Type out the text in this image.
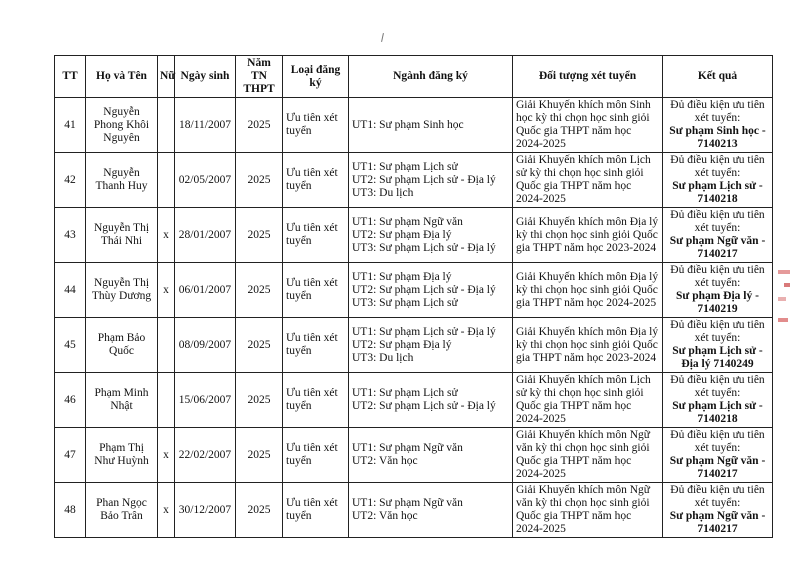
TT	Họ và Tên	Nữ	Ngày sinh	Năm TN THPT	Loại đăng ký	Ngành đăng ký	Đối tượng xét tuyển	Kết quả
41	Nguyễn
Phong Khôi
Nguyên		18/11/2007	2025	Ưu tiên xét tuyển	UT1: Sư phạm Sinh học	Giải Khuyến khích môn Sinh học kỳ thi chọn học sinh giỏi Quốc gia THPT năm học 2024-2025	Đủ điều kiện ưu tiên xét tuyển:
Sư phạm Sinh học - 7140213

42	Nguyễn
Thanh Huy		02/05/2007	2025	Ưu tiên xét tuyển	UT1: Sư phạm Lịch sử
UT2: Sư phạm Lịch sử - Địa lý
UT3: Du lịch	Giải Khuyến khích môn Lịch sử kỳ thi chọn học sinh giỏi Quốc gia THPT năm học 2024-2025	Đủ điều kiện ưu tiên xét tuyển:
Sư phạm Lịch sử - 7140218

43	Nguyễn Thị
Thái Nhi	x	28/01/2007	2025	Ưu tiên xét tuyển	UT1: Sư phạm Ngữ văn
UT2: Sư phạm Địa lý
UT3: Sư phạm Lịch sử - Địa lý	Giải Khuyến khích môn Địa lý kỳ thi chọn học sinh giỏi Quốc gia THPT năm học 2023-2024	Đủ điều kiện ưu tiên xét tuyển:
Sư phạm Ngữ văn - 7140217

44	Nguyễn Thị
Thùy Dương	x	06/01/2007	2025	Ưu tiên xét tuyển	UT1: Sư phạm Địa lý
UT2: Sư phạm Lịch sử - Địa lý
UT3: Sư phạm Lịch sử	Giải Khuyến khích môn Địa lý kỳ thi chọn học sinh giỏi Quốc gia THPT năm học 2024-2025	Đủ điều kiện ưu tiên xét tuyển:
Sư phạm Địa lý - 7140219

45	Phạm Bảo
Quốc		08/09/2007	2025	Ưu tiên xét tuyển	UT1: Sư phạm Lịch sử - Địa lý
UT2: Sư phạm Địa lý
UT3: Du lịch	Giải Khuyến khích môn Địa lý kỳ thi chọn học sinh giỏi Quốc gia THPT năm học 2023-2024	Đủ điều kiện ưu tiên xét tuyển:
Sư phạm Lịch sử - Địa lý 7140249

46	Phạm Minh
Nhật		15/06/2007	2025	Ưu tiên xét tuyển	UT1: Sư phạm Lịch sử
UT2: Sư phạm Lịch sử - Địa lý	Giải Khuyến khích môn Lịch sử kỳ thi chọn học sinh giỏi Quốc gia THPT năm học 2024-2025	Đủ điều kiện ưu tiên xét tuyển:
Sư phạm Lịch sử - 7140218

47	Phạm Thị
Như Huỳnh	x	22/02/2007	2025	Ưu tiên xét tuyển	UT1: Sư phạm Ngữ văn
UT2: Văn học	Giải Khuyến khích môn Ngữ văn kỳ thi chọn học sinh giỏi Quốc gia THPT năm học 2024-2025	Đủ điều kiện ưu tiên xét tuyển:
Sư phạm Ngữ văn - 7140217

48	Phan Ngọc
Bảo Trân	x	30/12/2007	2025	Ưu tiên xét tuyển	UT1: Sư phạm Ngữ văn
UT2: Văn học	Giải Khuyến khích môn Ngữ văn kỳ thi chọn học sinh giỏi Quốc gia THPT năm học 2024-2025	Đủ điều kiện ưu tiên xét tuyển:
Sư phạm Ngữ văn - 7140217
